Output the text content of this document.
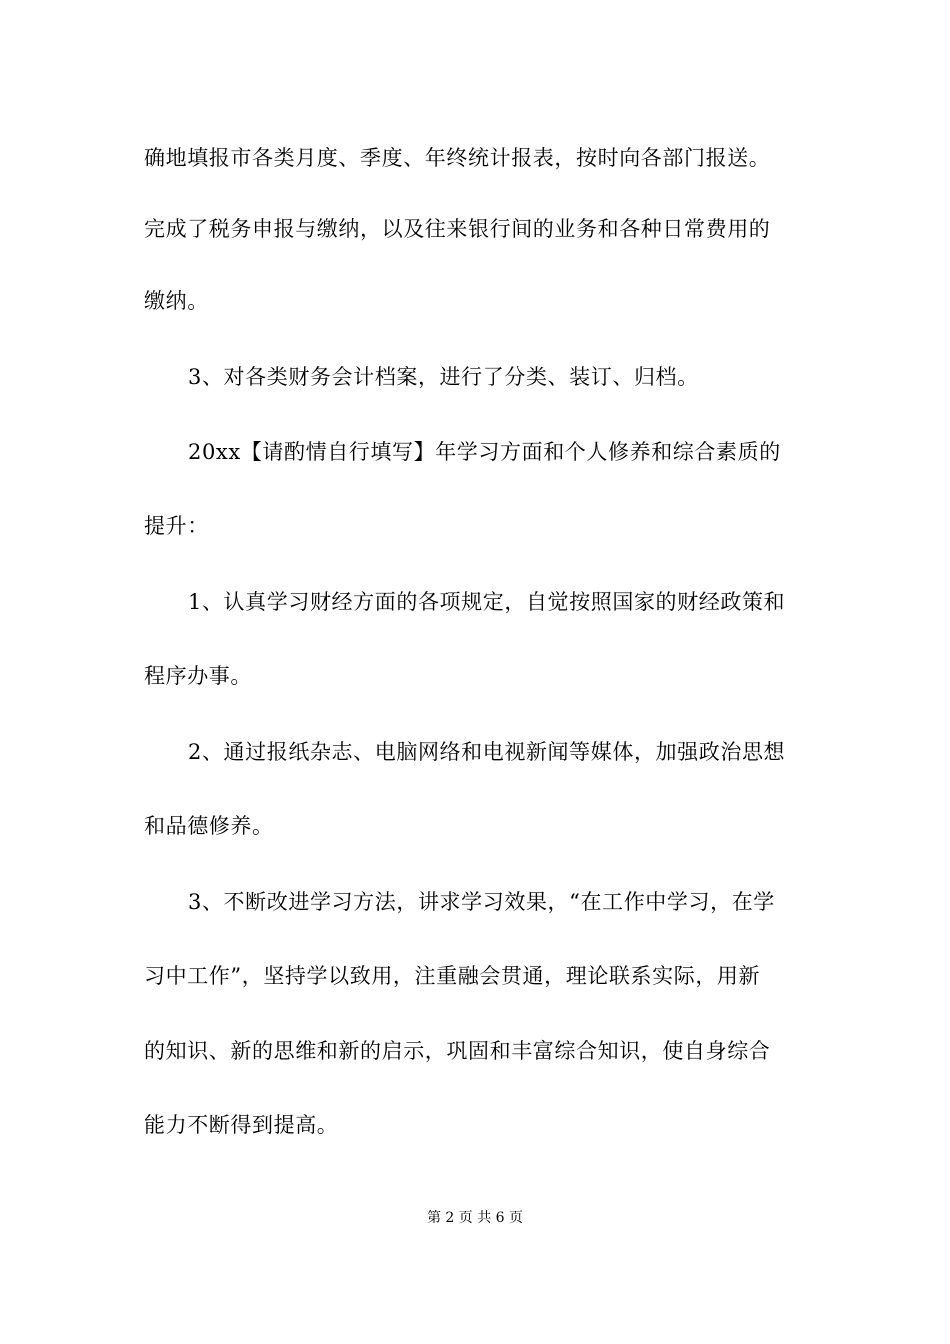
确地填报市各类月度、季度、年终统计报表，按时向各部门报送。
完成了税务申报与缴纳，以及往来银行间的业务和各种日常费用的
缴纳。
3、对各类财务会计档案，进行了分类、装订、归档。
20xx【请酌情自行填写】年学习方面和个人修养和综合素质的
提升：
1、认真学习财经方面的各项规定，自觉按照国家的财经政策和
程序办事。
2、通过报纸杂志、电脑网络和电视新闻等媒体，加强政治思想
和品德修养。
3、不断改进学习方法，讲求学习效果，“在工作中学习，在学
习中工作”，坚持学以致用，注重融会贯通，理论联系实际，用新
的知识、新的思维和新的启示，巩固和丰富综合知识，使自身综合
能力不断得到提高。
第 2 页 共 6 页
